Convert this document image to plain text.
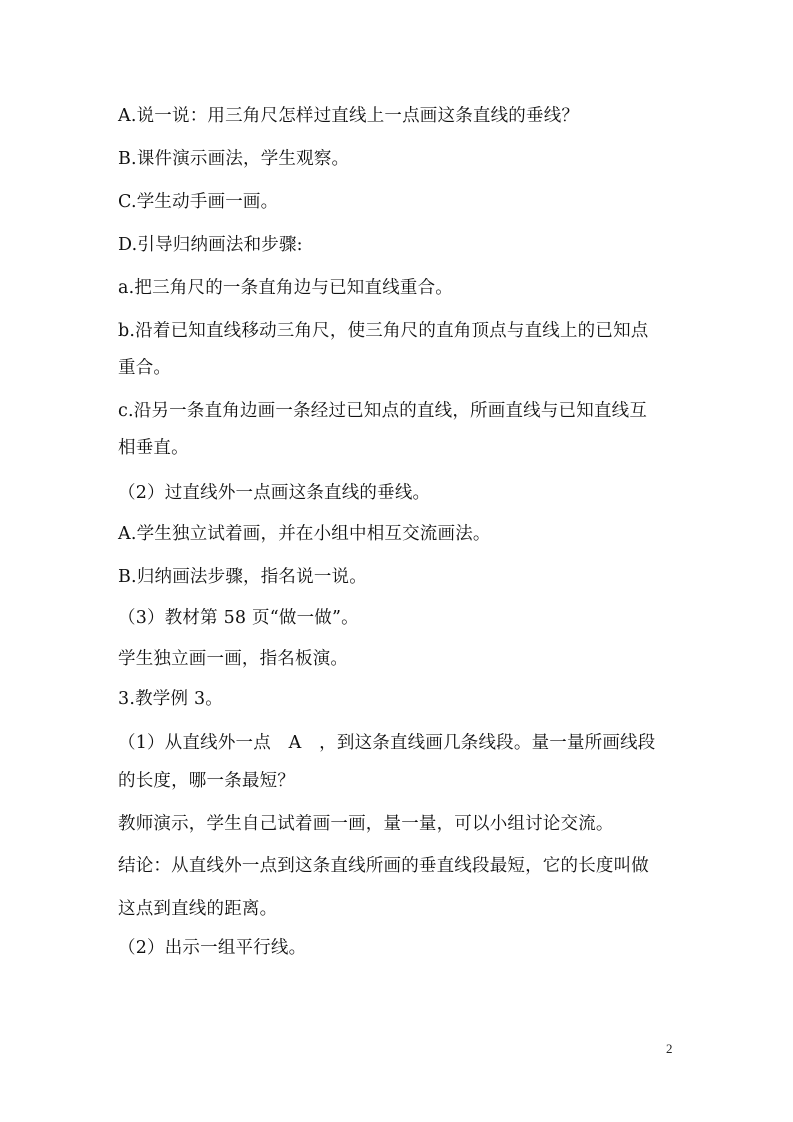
A.说一说：用三角尺怎样过直线上一点画这条直线的垂线？
B.课件演示画法，学生观察。
C.学生动手画一画。
D.引导归纳画法和步骤:
a.把三角尺的一条直角边与已知直线重合。
b.沿着已知直线移动三角尺，使三角尺的直角顶点与直线上的已知点
重合。
c.沿另一条直角边画一条经过已知点的直线，所画直线与已知直线互
相垂直。
（2）过直线外一点画这条直线的垂线。
A.学生独立试着画，并在小组中相互交流画法。
B.归纳画法步骤，指名说一说。
（3）教材第 58 页“做一做”。
学生独立画一画，指名板演。
3.教学例 3。
（1）从直线外一点　A　，到这条直线画几条线段。量一量所画线段
的长度，哪一条最短？
教师演示，学生自己试着画一画，量一量，可以小组讨论交流。
结论：从直线外一点到这条直线所画的垂直线段最短，它的长度叫做
这点到直线的距离。
（2）出示一组平行线。
2
